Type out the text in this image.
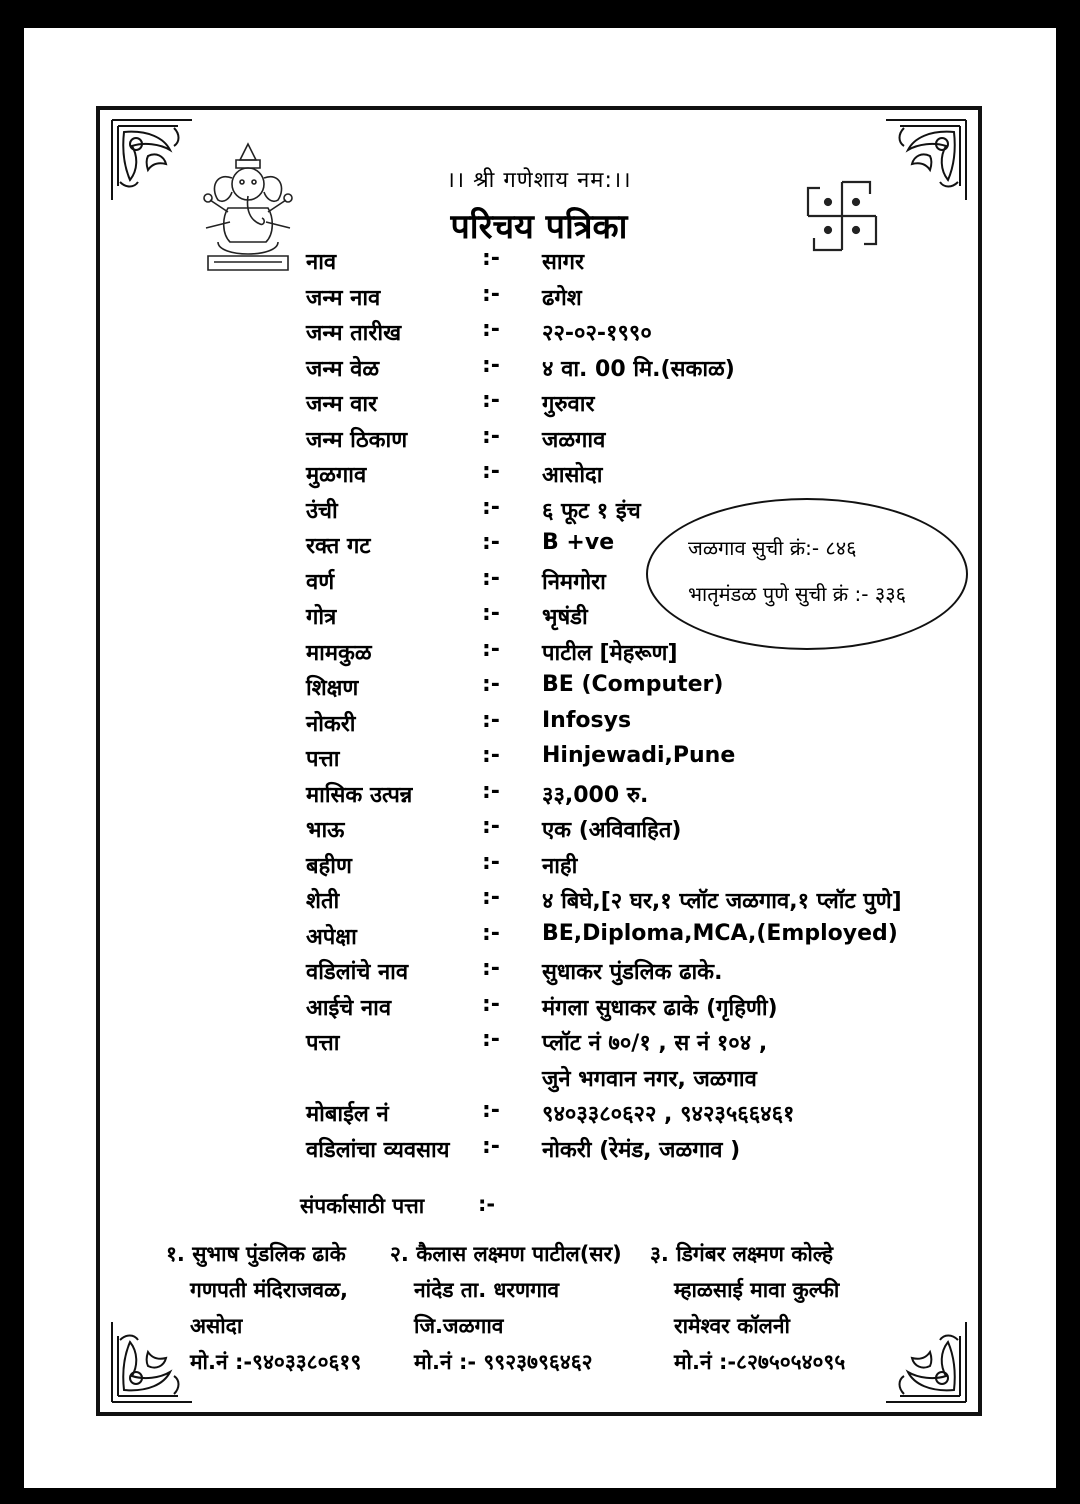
।। श्री गणेशाय नम:।।
परिचय पत्रिका
नाव	:- सागर
जन्म नाव	:- ढगेश
जन्म तारीख	:- २२-०२-१९९०
जन्म वेळ	:- ४ वा. 00 मि.(सकाळ)
जन्म वार	:- गुरुवार
जन्म ठिकाण	:- जळगाव
मुळगाव	:- आसोदा
उंची	:- ६ फूट १ इंच
रक्त गट	:- B +ve
वर्ण	:- निमगोरा
गोत्र	:- भृषंडी
मामकुळ	:- पाटील [मेहरूण]
शिक्षण	:- BE (Computer)
नोकरी	:- Infosys
पत्ता	:- Hinjewadi,Pune
मासिक उत्पन्न	:- ३३,000 रु.
भाऊ	:- एक (अविवाहित)
बहीण	:- नाही
शेती	:- ४ बिघे,[२ घर,१ प्लॉट जळगाव,१ प्लॉट पुणे]
अपेक्षा	:- BE,Diploma,MCA,(Employed)
वडिलांचे नाव	:- सुधाकर पुंडलिक ढाके.
आईचे नाव	:- मंगला सुधाकर ढाके (गृहिणी)
पत्ता	:- प्लॉट नं ७०/१ , स नं १०४ ,
जुने भगवान नगर, जळगाव
मोबाईल नं	:- ९४०३३८०६२२ , ९४२३५६६४६१
वडिलांचा व्यवसाय	:- नोकरी (रेमंड, जळगाव )
जळगाव सुची क्रं:- ८४६
भातृमंडळ पुणे सुची क्रं :- ३३६
संपर्कासाठी पत्ता	:-
१. सुभाष पुंडलिक ढाके
गणपती मंदिराजवळ,
असोदा
मो.नं :-९४०३३८०६१९
२. कैलास लक्ष्मण पाटील(सर)
नांदेड ता. धरणगाव
जि.जळगाव
मो.नं :- ९९२३७९६४६२
३. डिगंबर लक्ष्मण कोल्हे
म्हाळसाई मावा कुल्फी
रामेश्वर कॉलनी
मो.नं :-८२७५०५४०९५
